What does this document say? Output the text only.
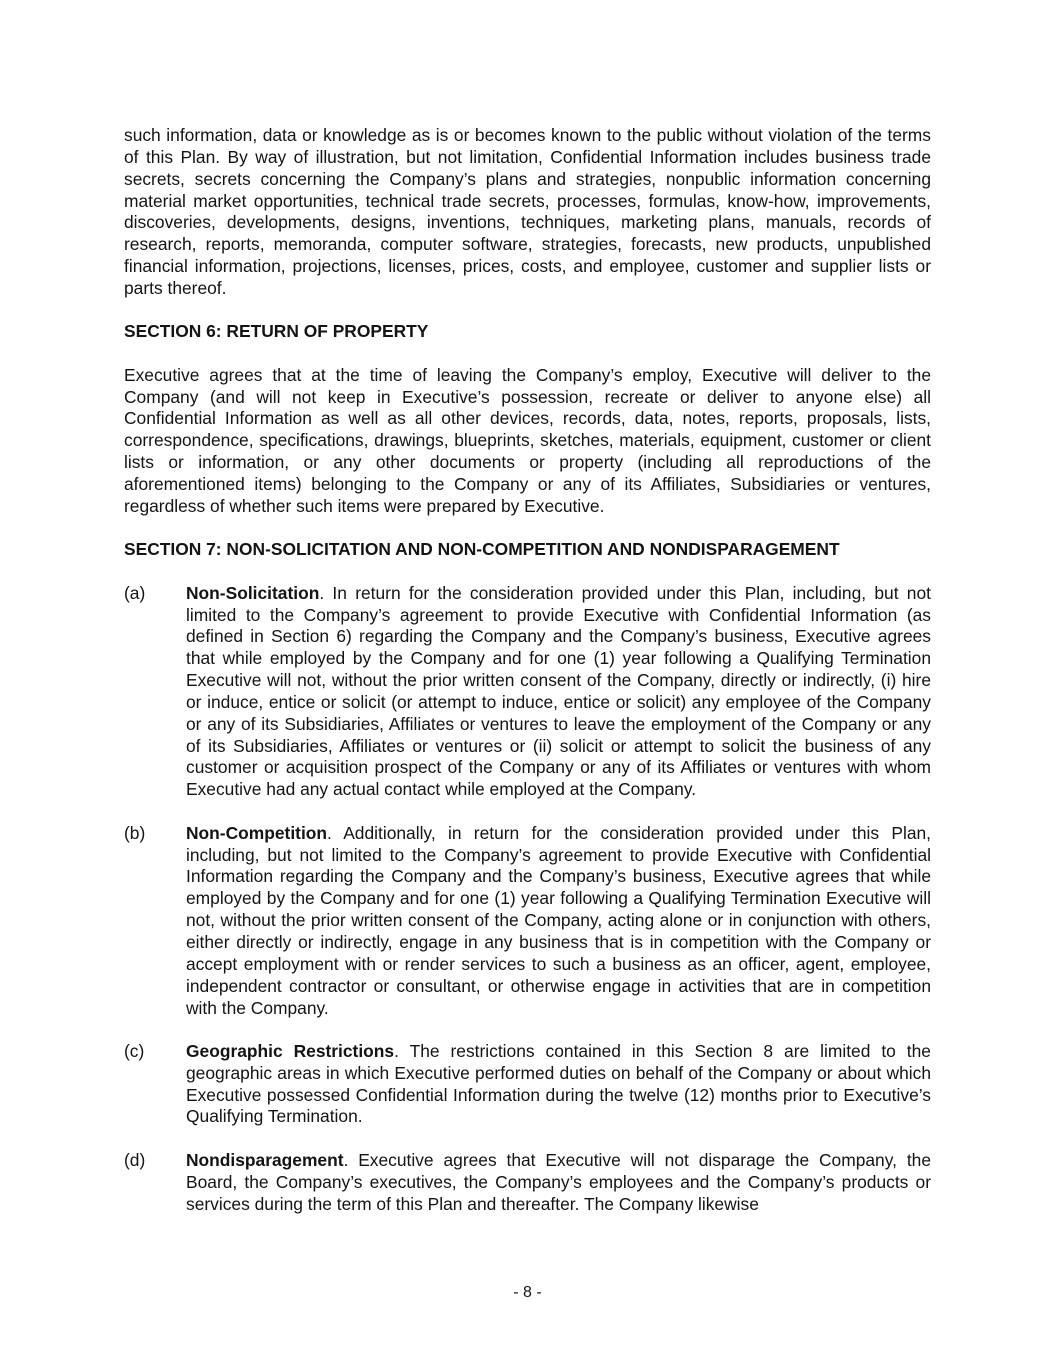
such information, data or knowledge as is or becomes known to the public without violation of the terms of this Plan. By way of illustration, but not limitation, Confidential Information includes business trade secrets, secrets concerning the Company’s plans and strategies, nonpublic information concerning material market opportunities, technical trade secrets, processes, formulas, know-how, improvements, discoveries, developments, designs, inventions, techniques, marketing plans, manuals, records of research, reports, memoranda, computer software, strategies, forecasts, new products, unpublished financial information, projections, licenses, prices, costs, and employee, customer and supplier lists or parts thereof.

SECTION 6: RETURN OF PROPERTY

Executive agrees that at the time of leaving the Company’s employ, Executive will deliver to the Company (and will not keep in Executive’s possession, recreate or deliver to anyone else) all Confidential Information as well as all other devices, records, data, notes, reports, proposals, lists, correspondence, specifications, drawings, blueprints, sketches, materials, equipment, customer or client lists or information, or any other documents or property (including all reproductions of the aforementioned items) belonging to the Company or any of its Affiliates, Subsidiaries or ventures, regardless of whether such items were prepared by Executive.

SECTION 7: NON-SOLICITATION AND NON-COMPETITION AND NONDISPARAGEMENT

(a)	Non-Solicitation. In return for the consideration provided under this Plan, including, but not limited to the Company’s agreement to provide Executive with Confidential Information (as defined in Section 6) regarding the Company and the Company’s business, Executive agrees that while employed by the Company and for one (1) year following a Qualifying Termination Executive will not, without the prior written consent of the Company, directly or indirectly, (i) hire or induce, entice or solicit (or attempt to induce, entice or solicit) any employee of the Company or any of its Subsidiaries, Affiliates or ventures to leave the employment of the Company or any of its Subsidiaries, Affiliates or ventures or (ii) solicit or attempt to solicit the business of any customer or acquisition prospect of the Company or any of its Affiliates or ventures with whom Executive had any actual contact while employed at the Company.
(b)	Non-Competition. Additionally, in return for the consideration provided under this Plan, including, but not limited to the Company’s agreement to provide Executive with Confidential Information regarding the Company and the Company’s business, Executive agrees that while employed by the Company and for one (1) year following a Qualifying Termination Executive will not, without the prior written consent of the Company, acting alone or in conjunction with others, either directly or indirectly, engage in any business that is in competition with the Company or accept employment with or render services to such a business as an officer, agent, employee, independent contractor or consultant, or otherwise engage in activities that are in competition with the Company.
(c)	Geographic Restrictions. The restrictions contained in this Section 8 are limited to the geographic areas in which Executive performed duties on behalf of the Company or about which Executive possessed Confidential Information during the twelve (12) months prior to Executive’s Qualifying Termination.
(d)	Nondisparagement. Executive agrees that Executive will not disparage the Company, the Board, the Company’s executives, the Company’s employees and the Company’s products or services during the term of this Plan and thereafter. The Company likewise
- 8 -
